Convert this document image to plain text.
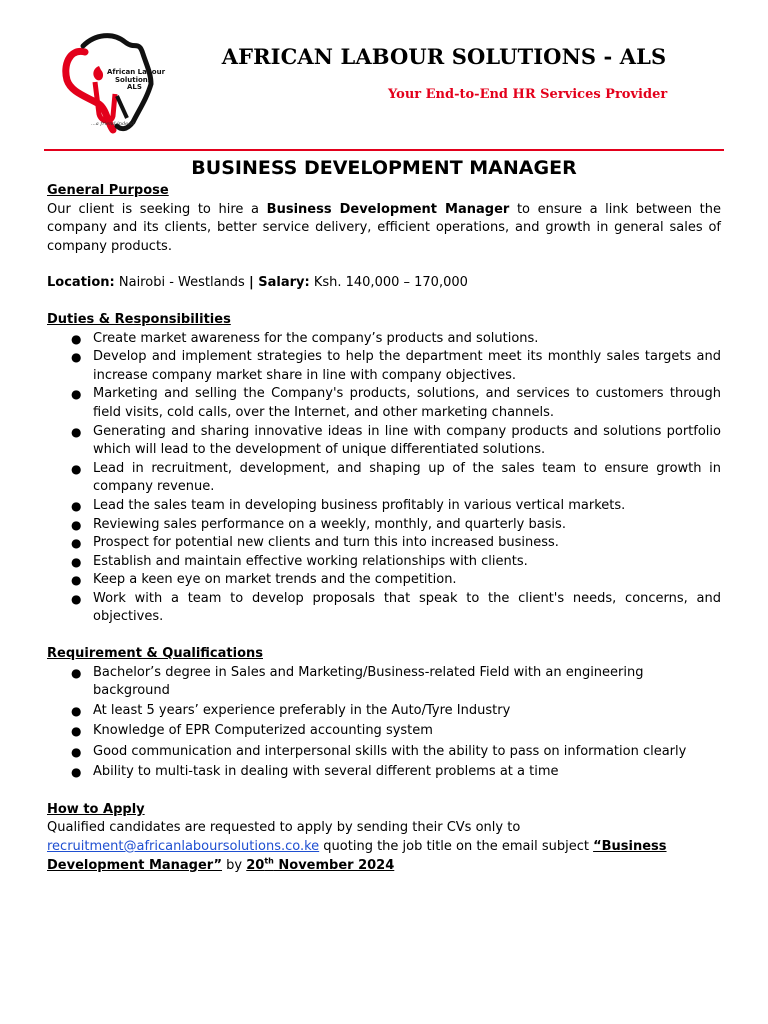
African Labour
Solutions
ALS
...a friend indeed
AFRICAN LABOUR SOLUTIONS - ALS
Your End-to-End HR Services Provider
BUSINESS DEVELOPMENT MANAGER
General Purpose
Our client is seeking to hire a Business Development Manager to ensure a link between the company and its clients, better service delivery, efficient operations, and growth in general sales of company products.
Location: Nairobi - Westlands | Salary: Ksh. 140,000 – 170,000
Duties & Responsibilities
● Create market awareness for the company’s products and solutions.
● Develop and implement strategies to help the department meet its monthly sales targets and increase company market share in line with company objectives.
● Marketing and selling the Company's products, solutions, and services to customers through field visits, cold calls, over the Internet, and other marketing channels.
● Generating and sharing innovative ideas in line with company products and solutions portfolio which will lead to the development of unique differentiated solutions.
● Lead in recruitment, development, and shaping up of the sales team to ensure growth in company revenue.
● Lead the sales team in developing business profitably in various vertical markets.
● Reviewing sales performance on a weekly, monthly, and quarterly basis.
● Prospect for potential new clients and turn this into increased business.
● Establish and maintain effective working relationships with clients.
● Keep a keen eye on market trends and the competition.
● Work with a team to develop proposals that speak to the client's needs, concerns, and objectives.
Requirement & Qualifications
● Bachelor’s degree in Sales and Marketing/Business-related Field with an engineering background
● At least 5 years’ experience preferably in the Auto/Tyre Industry
● Knowledge of EPR Computerized accounting system
● Good communication and interpersonal skills with the ability to pass on information clearly
● Ability to multi-task in dealing with several different problems at a time
How to Apply
Qualified candidates are requested to apply by sending their CVs only to
recruitment@africanlaboursolutions.co.ke quoting the job title on the email subject “Business Development Manager” by 20th November 2024
